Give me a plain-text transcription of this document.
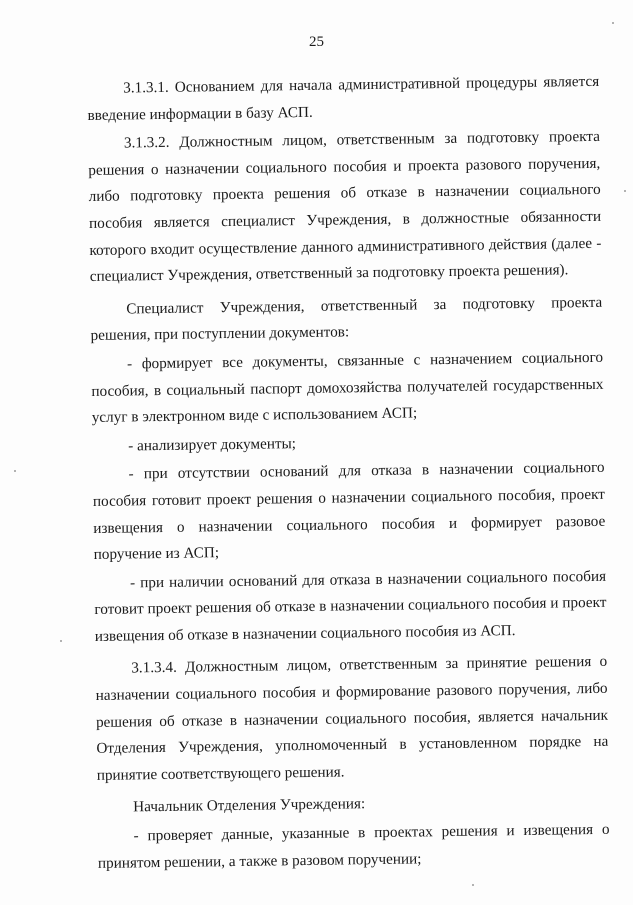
25

3.1.3.1. Основанием для начала административной процедуры является введение информации в базу АСП.

3.1.3.2. Должностным лицом, ответственным за подготовку проекта решения о назначении социального пособия и проекта разового поручения, либо подготовку проекта решения об отказе в назначении социального пособия является специалист Учреждения, в должностные обязанности которого входит осуществление данного административного действия (далее - специалист Учреждения, ответственный за подготовку проекта решения).

Специалист Учреждения, ответственный за подготовку проекта решения, при поступлении документов:

- формирует все документы, связанные с назначением социального пособия, в социальный паспорт домохозяйства получателей государственных услуг в электронном виде с использованием АСП;

- анализирует документы;

- при отсутствии оснований для отказа в назначении социального пособия готовит проект решения о назначении социального пособия, проект извещения о назначении социального пособия и формирует разовое поручение из АСП;

- при наличии оснований для отказа в назначении социального пособия готовит проект решения об отказе в назначении социального пособия и проект извещения об отказе в назначении социального пособия из АСП.

3.1.3.4. Должностным лицом, ответственным за принятие решения о назначении социального пособия и формирование разового поручения, либо решения об отказе в назначении социального пособия, является начальник Отделения Учреждения, уполномоченный в установленном порядке на принятие соответствующего решения.

Начальник Отделения Учреждения:

- проверяет данные, указанные в проектах решения и извещения о принятом решении, а также в разовом поручении;
